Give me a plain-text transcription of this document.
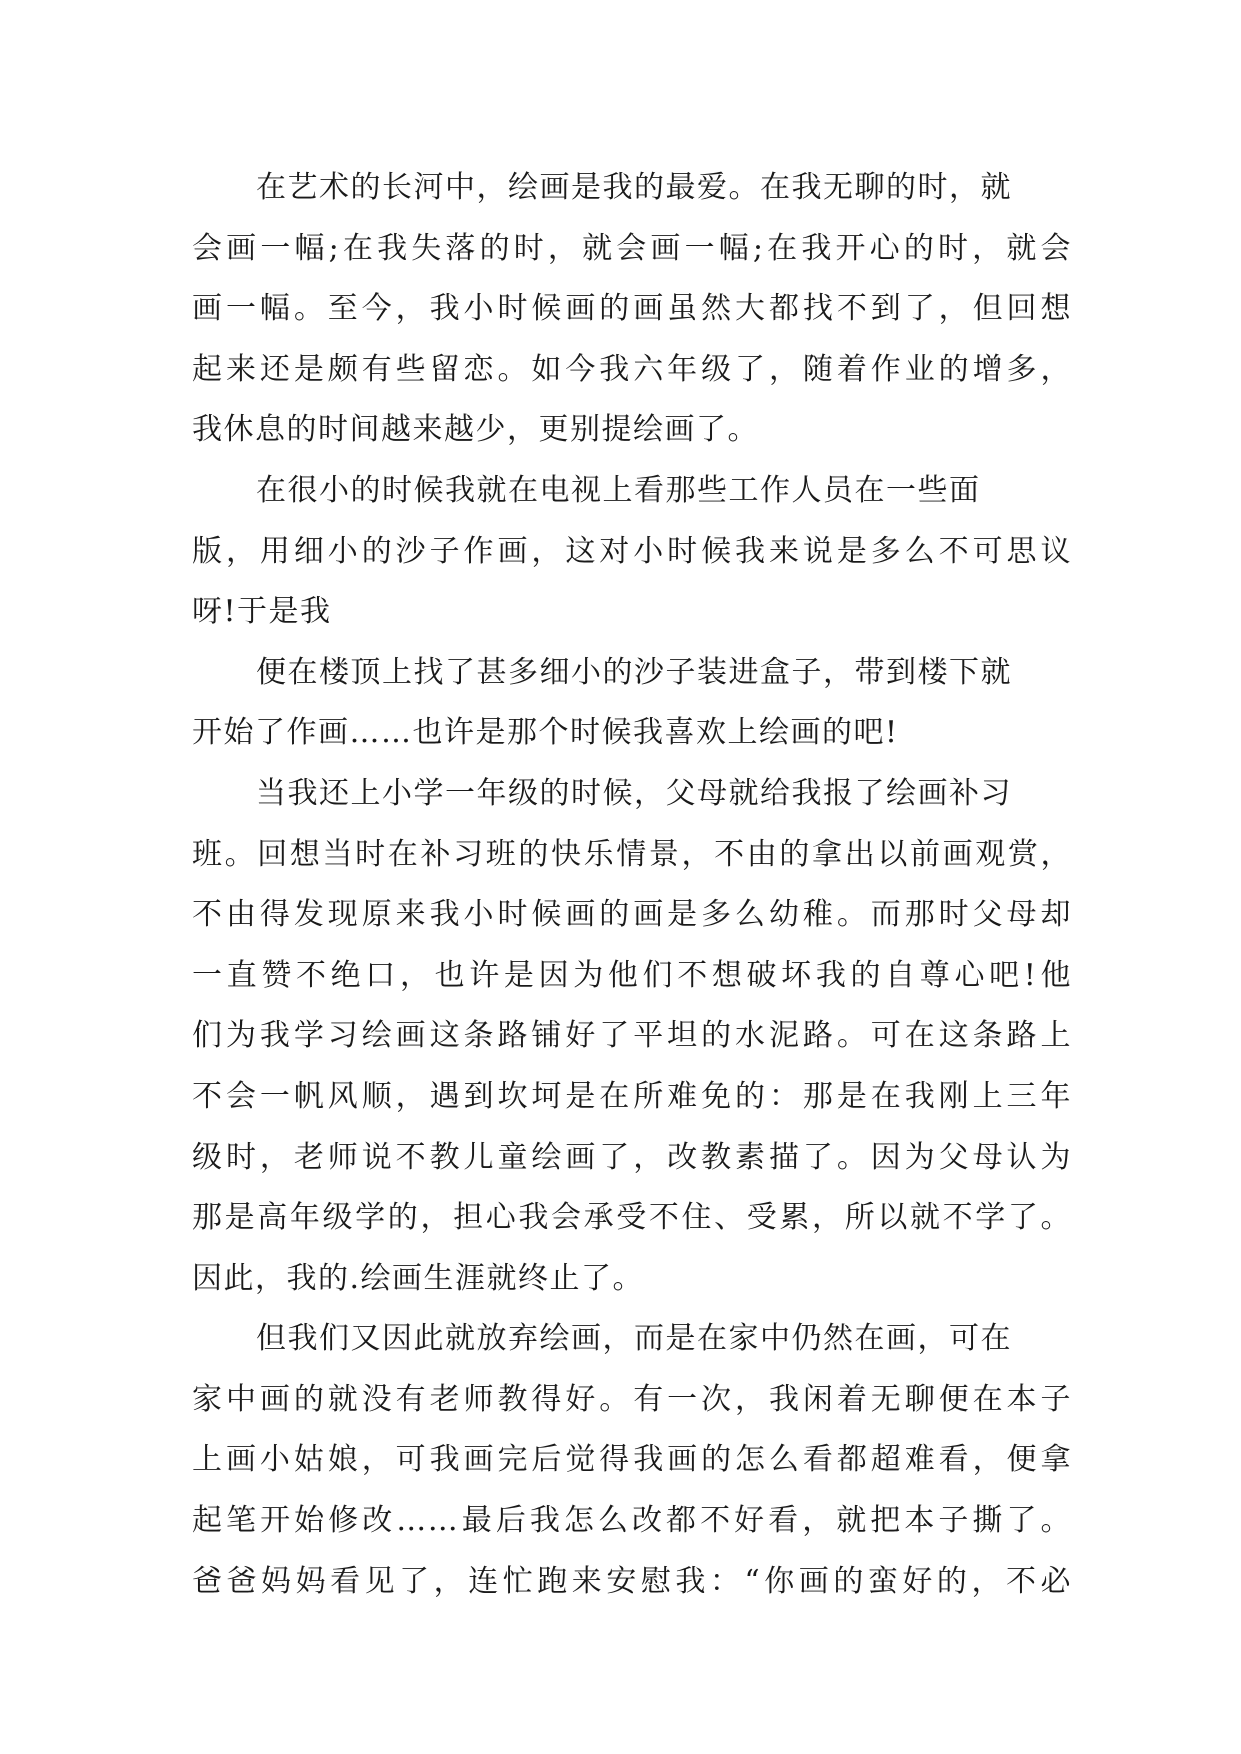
在艺术的长河中，绘画是我的最爱。在我无聊的时，就
会画一幅;在我失落的时，就会画一幅;在我开心的时，就会
画一幅。至今，我小时候画的画虽然大都找不到了，但回想
起来还是颇有些留恋。如今我六年级了，随着作业的增多，
我休息的时间越来越少，更别提绘画了。
在很小的时候我就在电视上看那些工作人员在一些面
版，用细小的沙子作画，这对小时候我来说是多么不可思议
呀!于是我
便在楼顶上找了甚多细小的沙子装进盒子，带到楼下就
开始了作画……也许是那个时候我喜欢上绘画的吧!
当我还上小学一年级的时候，父母就给我报了绘画补习
班。回想当时在补习班的快乐情景，不由的拿出以前画观赏，
不由得发现原来我小时候画的画是多么幼稚。而那时父母却
一直赞不绝口，也许是因为他们不想破坏我的自尊心吧!他
们为我学习绘画这条路铺好了平坦的水泥路。可在这条路上
不会一帆风顺，遇到坎坷是在所难免的：那是在我刚上三年
级时，老师说不教儿童绘画了，改教素描了。因为父母认为
那是高年级学的，担心我会承受不住、受累，所以就不学了。
因此，我的.绘画生涯就终止了。
但我们又因此就放弃绘画，而是在家中仍然在画，可在
家中画的就没有老师教得好。有一次，我闲着无聊便在本子
上画小姑娘，可我画完后觉得我画的怎么看都超难看，便拿
起笔开始修改……最后我怎么改都不好看，就把本子撕了。
爸爸妈妈看见了，连忙跑来安慰我：“你画的蛮好的，不必
